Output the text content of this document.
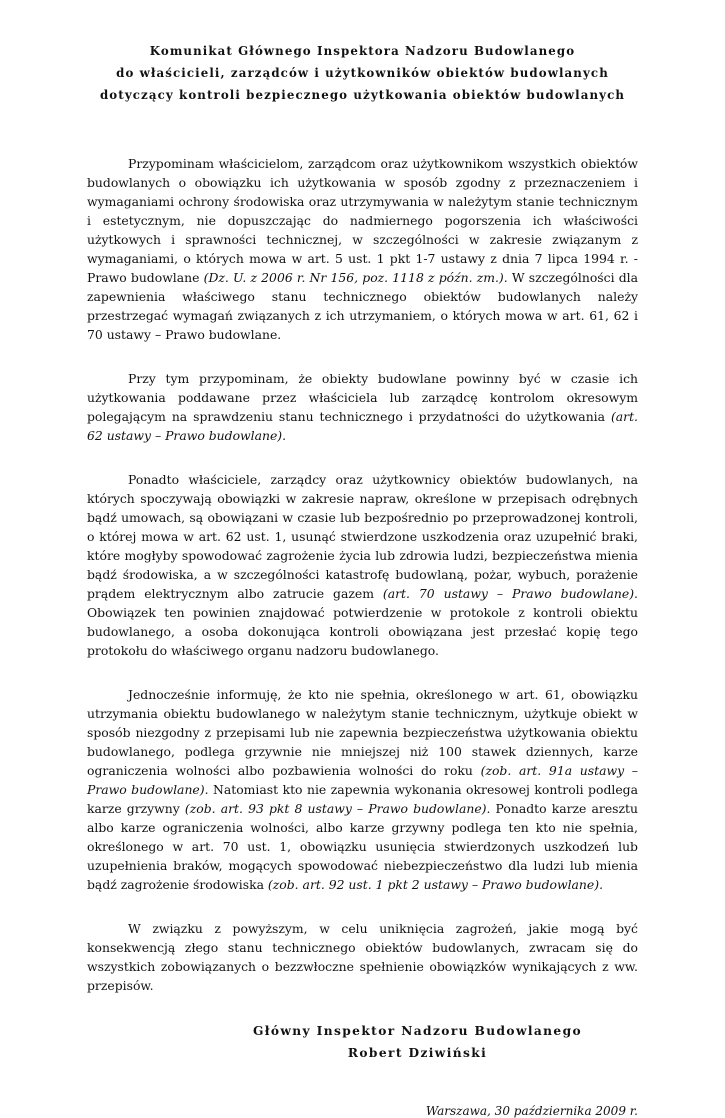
Komunikat Głównego Inspektora Nadzoru Budowlanego
do właścicieli, zarządców i użytkowników obiektów budowlanych
dotyczący kontroli bezpiecznego użytkowania obiektów budowlanych

Przypominam właścicielom, zarządcom oraz użytkownikom wszystkich obiektów budowlanych o obowiązku ich użytkowania w sposób zgodny z przeznaczeniem i wymaganiami ochrony środowiska oraz utrzymywania w należytym stanie technicznym i estetycznym, nie dopuszczając do nadmiernego pogorszenia ich właściwości użytkowych i sprawności technicznej, w szczególności w zakresie związanym z wymaganiami, o których mowa w art. 5 ust. 1 pkt 1-7 ustawy z dnia 7 lipca 1994 r. - Prawo budowlane (Dz. U. z 2006 r. Nr 156, poz. 1118 z późn. zm.). W szczególności dla zapewnienia właściwego stanu technicznego obiektów budowlanych należy przestrzegać wymagań związanych z ich utrzymaniem, o których mowa w art. 61, 62 i 70 ustawy – Prawo budowlane.

Przy tym przypominam, że obiekty budowlane powinny być w czasie ich użytkowania poddawane przez właściciela lub zarządcę kontrolom okresowym polegającym na sprawdzeniu stanu technicznego i przydatności do użytkowania (art. 62 ustawy – Prawo budowlane).

Ponadto właściciele, zarządcy oraz użytkownicy obiektów budowlanych, na których spoczywają obowiązki w zakresie napraw, określone w przepisach odrębnych bądź umowach, są obowiązani w czasie lub bezpośrednio po przeprowadzonej kontroli, o której mowa w art. 62 ust. 1, usunąć stwierdzone uszkodzenia oraz uzupełnić braki, które mogłyby spowodować zagrożenie życia lub zdrowia ludzi, bezpieczeństwa mienia bądź środowiska, a w szczególności katastrofę budowlaną, pożar, wybuch, porażenie prądem elektrycznym albo zatrucie gazem (art. 70 ustawy – Prawo budowlane). Obowiązek ten powinien znajdować potwierdzenie w protokole z kontroli obiektu budowlanego, a osoba dokonująca kontroli obowiązana jest przesłać kopię tego protokołu do właściwego organu nadzoru budowlanego.

Jednocześnie informuję, że kto nie spełnia, określonego w art. 61, obowiązku utrzymania obiektu budowlanego w należytym stanie technicznym, użytkuje obiekt w sposób niezgodny z przepisami lub nie zapewnia bezpieczeństwa użytkowania obiektu budowlanego, podlega grzywnie nie mniejszej niż 100 stawek dziennych, karze ograniczenia wolności albo pozbawienia wolności do roku (zob. art. 91a ustawy – Prawo budowlane). Natomiast kto nie zapewnia wykonania okresowej kontroli podlega karze grzywny (zob. art. 93 pkt 8 ustawy – Prawo budowlane). Ponadto karze aresztu albo karze ograniczenia wolności, albo karze grzywny podlega ten kto nie spełnia, określonego w art. 70 ust. 1, obowiązku usunięcia stwierdzonych uszkodzeń lub uzupełnienia braków, mogących spowodować niebezpieczeństwo dla ludzi lub mienia bądź zagrożenie środowiska (zob. art. 92 ust. 1 pkt 2 ustawy – Prawo budowlane).

W związku z powyższym, w celu uniknięcia zagrożeń, jakie mogą być konsekwencją złego stanu technicznego obiektów budowlanych, zwracam się do wszystkich zobowiązanych o bezzwłoczne spełnienie obowiązków wynikających z ww. przepisów.

Główny Inspektor Nadzoru Budowlanego
Robert Dziwiński
Warszawa, 30 października 2009 r.
